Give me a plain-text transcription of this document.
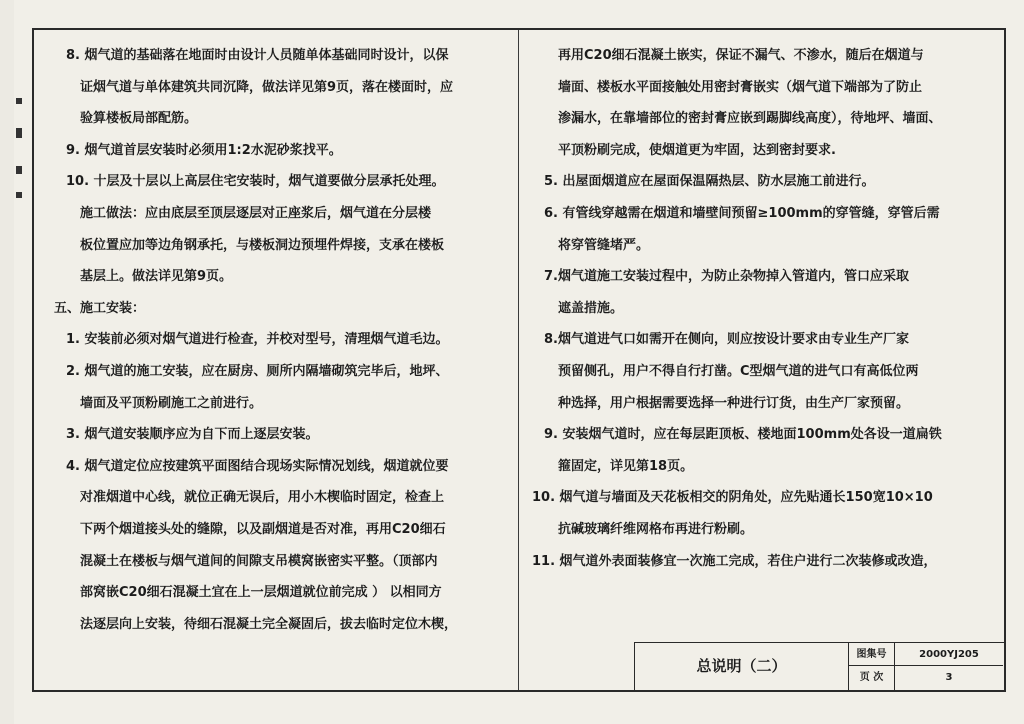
8. 烟气道的基础落在地面时由设计人员随单体基础同时设计，以保
证烟气道与单体建筑共同沉降，做法详见第9页，落在楼面时，应
验算楼板局部配筋。
9. 烟气道首层安装时必须用1:2水泥砂浆找平。
10. 十层及十层以上高层住宅安装时，烟气道要做分层承托处理。
施工做法：应由底层至顶层逐层对正座浆后，烟气道在分层楼
板位置应加等边角钢承托，与楼板洞边预埋件焊接，支承在楼板
基层上。做法详见第9页。
五、施工安装：
1. 安装前必须对烟气道进行检查，并校对型号，清理烟气道毛边。
2. 烟气道的施工安装，应在厨房、厕所内隔墙砌筑完毕后，地坪、
墙面及平顶粉刷施工之前进行。
3. 烟气道安装顺序应为自下而上逐层安装。
4. 烟气道定位应按建筑平面图结合现场实际情况划线，烟道就位要
对准烟道中心线，就位正确无误后，用小木楔临时固定，检查上
下两个烟道接头处的缝隙，以及副烟道是否对准，再用C20细石
混凝土在楼板与烟气道间的间隙支吊模窝嵌密实平整。（顶部内
部窝嵌C20细石混凝土宜在上一层烟道就位前完成 ） 以相同方
法逐层向上安装，待细石混凝土完全凝固后，拔去临时定位木楔，
再用C20细石混凝土嵌实，保证不漏气、不渗水，随后在烟道与
墙面、楼板水平面接触处用密封膏嵌实（烟气道下端部为了防止
渗漏水，在靠墙部位的密封膏应嵌到踢脚线高度），待地坪、墙面、
平顶粉刷完成，使烟道更为牢固，达到密封要求.
5. 出屋面烟道应在屋面保温隔热层、防水层施工前进行。
6. 有管线穿越需在烟道和墙壁间预留≥100mm的穿管缝，穿管后需
将穿管缝堵严。
7.烟气道施工安装过程中，为防止杂物掉入管道内，管口应采取
遮盖措施。
8.烟气道进气口如需开在侧向，则应按设计要求由专业生产厂家
预留侧孔，用户不得自行打凿。C型烟气道的进气口有高低位两
种选择，用户根据需要选择一种进行订货，由生产厂家预留。
9. 安装烟气道时，应在每层距顶板、楼地面100mm处各设一道扁铁
箍固定，详见第18页。
10. 烟气道与墙面及天花板相交的阴角处，应先贴通长150宽10×10
抗碱玻璃纤维网格布再进行粉刷。
11. 烟气道外表面装修宜一次施工完成，若住户进行二次装修或改造，
总说明（二）
图集号	2000YJ205
页 次	3
